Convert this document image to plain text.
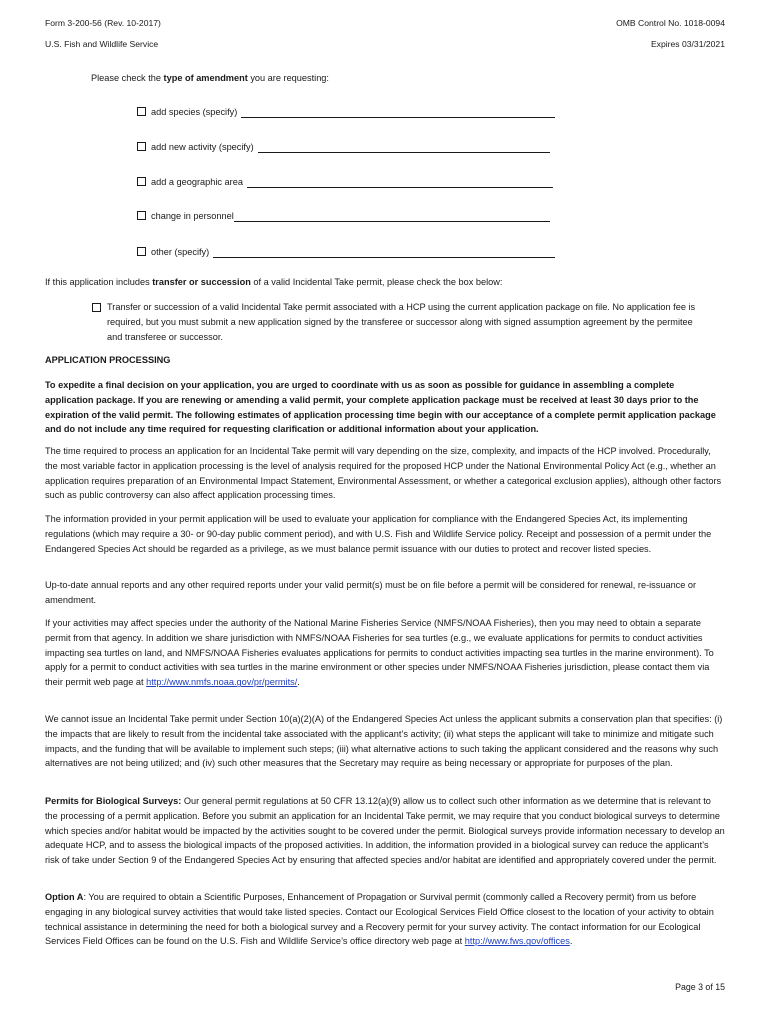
Form 3-200-56 (Rev. 10-2017)
U.S. Fish and Wildlife Service
OMB Control No. 1018-0094
Expires 03/31/2021
Please check the type of amendment you are requesting:
add species (specify)
add new activity (specify)
add a geographic area
change in personnel
other (specify)
If this application includes transfer or succession of a valid Incidental Take permit, please check the box below:
Transfer or succession of a valid Incidental Take permit associated with a HCP using the current application package on file. No application fee is required, but you must submit a new application signed by the transferee or successor along with signed assumption agreement by the permitee and transferee or successor.
APPLICATION PROCESSING
To expedite a final decision on your application, you are urged to coordinate with us as soon as possible for guidance in assembling a complete application package. If you are renewing or amending a valid permit, your complete application package must be received at least 30 days prior to the expiration of the valid permit. The following estimates of application processing time begin with our acceptance of a complete permit application package and do not include any time required for requesting clarification or additional information about your application.
The time required to process an application for an Incidental Take permit will vary depending on the size, complexity, and impacts of the HCP involved. Procedurally, the most variable factor in application processing is the level of analysis required for the proposed HCP under the National Environmental Policy Act (e.g., whether an application requires preparation of an Environmental Impact Statement, Environmental Assessment, or whether a categorical exclusion applies), although other factors such as public controversy can also affect application processing times.
The information provided in your permit application will be used to evaluate your application for compliance with the Endangered Species Act, its implementing regulations (which may require a 30- or 90-day public comment period), and with U.S. Fish and Wildlife Service policy. Receipt and possession of a permit under the Endangered Species Act should be regarded as a privilege, as we must balance permit issuance with our duties to protect and recover listed species.
Up-to-date annual reports and any other required reports under your valid permit(s) must be on file before a permit will be considered for renewal, re-issuance or amendment.
If your activities may affect species under the authority of the National Marine Fisheries Service (NMFS/NOAA Fisheries), then you may need to obtain a separate permit from that agency. In addition we share jurisdiction with NMFS/NOAA Fisheries for sea turtles (e.g., we evaluate applications for permits to conduct activities impacting sea turtles on land, and NMFS/NOAA Fisheries evaluates applications for permits to conduct activities impacting sea turtles in the marine environment). To apply for a permit to conduct activities with sea turtles in the marine environment or other species under NMFS/NOAA Fisheries jurisdiction, please contact them via their permit web page at http://www.nmfs.noaa.gov/pr/permits/.
We cannot issue an Incidental Take permit under Section 10(a)(2)(A) of the Endangered Species Act unless the applicant submits a conservation plan that specifies: (i) the impacts that are likely to result from the incidental take associated with the applicant’s activity; (ii) what steps the applicant will take to minimize and mitigate such impacts, and the funding that will be available to implement such steps; (iii) what alternative actions to such taking the applicant considered and the reasons why such alternatives are not being utilized; and (iv) such other measures that the Secretary may require as being necessary or appropriate for purposes of the plan.
Permits for Biological Surveys: Our general permit regulations at 50 CFR 13.12(a)(9) allow us to collect such other information as we determine that is relevant to the processing of a permit application. Before you submit an application for an Incidental Take permit, we may require that you conduct biological surveys to determine which species and/or habitat would be impacted by the activities sought to be covered under the permit. Biological surveys provide information necessary to develop an adequate HCP, and to assess the biological impacts of the proposed activities. In addition, the information provided in a biological survey can reduce the applicant’s risk of take under Section 9 of the Endangered Species Act by ensuring that affected species and/or habitat are identified and appropriately covered under the permit.
Option A: You are required to obtain a Scientific Purposes, Enhancement of Propagation or Survival permit (commonly called a Recovery permit) from us before engaging in any biological survey activities that would take listed species. Contact our Ecological Services Field Office closest to the location of your activity to obtain technical assistance in determining the need for both a biological survey and a Recovery permit for your survey activity. The contact information for our Ecological Services Field Offices can be found on the U.S. Fish and Wildlife Service’s office directory web page at http://www.fws.gov/offices.
Page 3 of 15
